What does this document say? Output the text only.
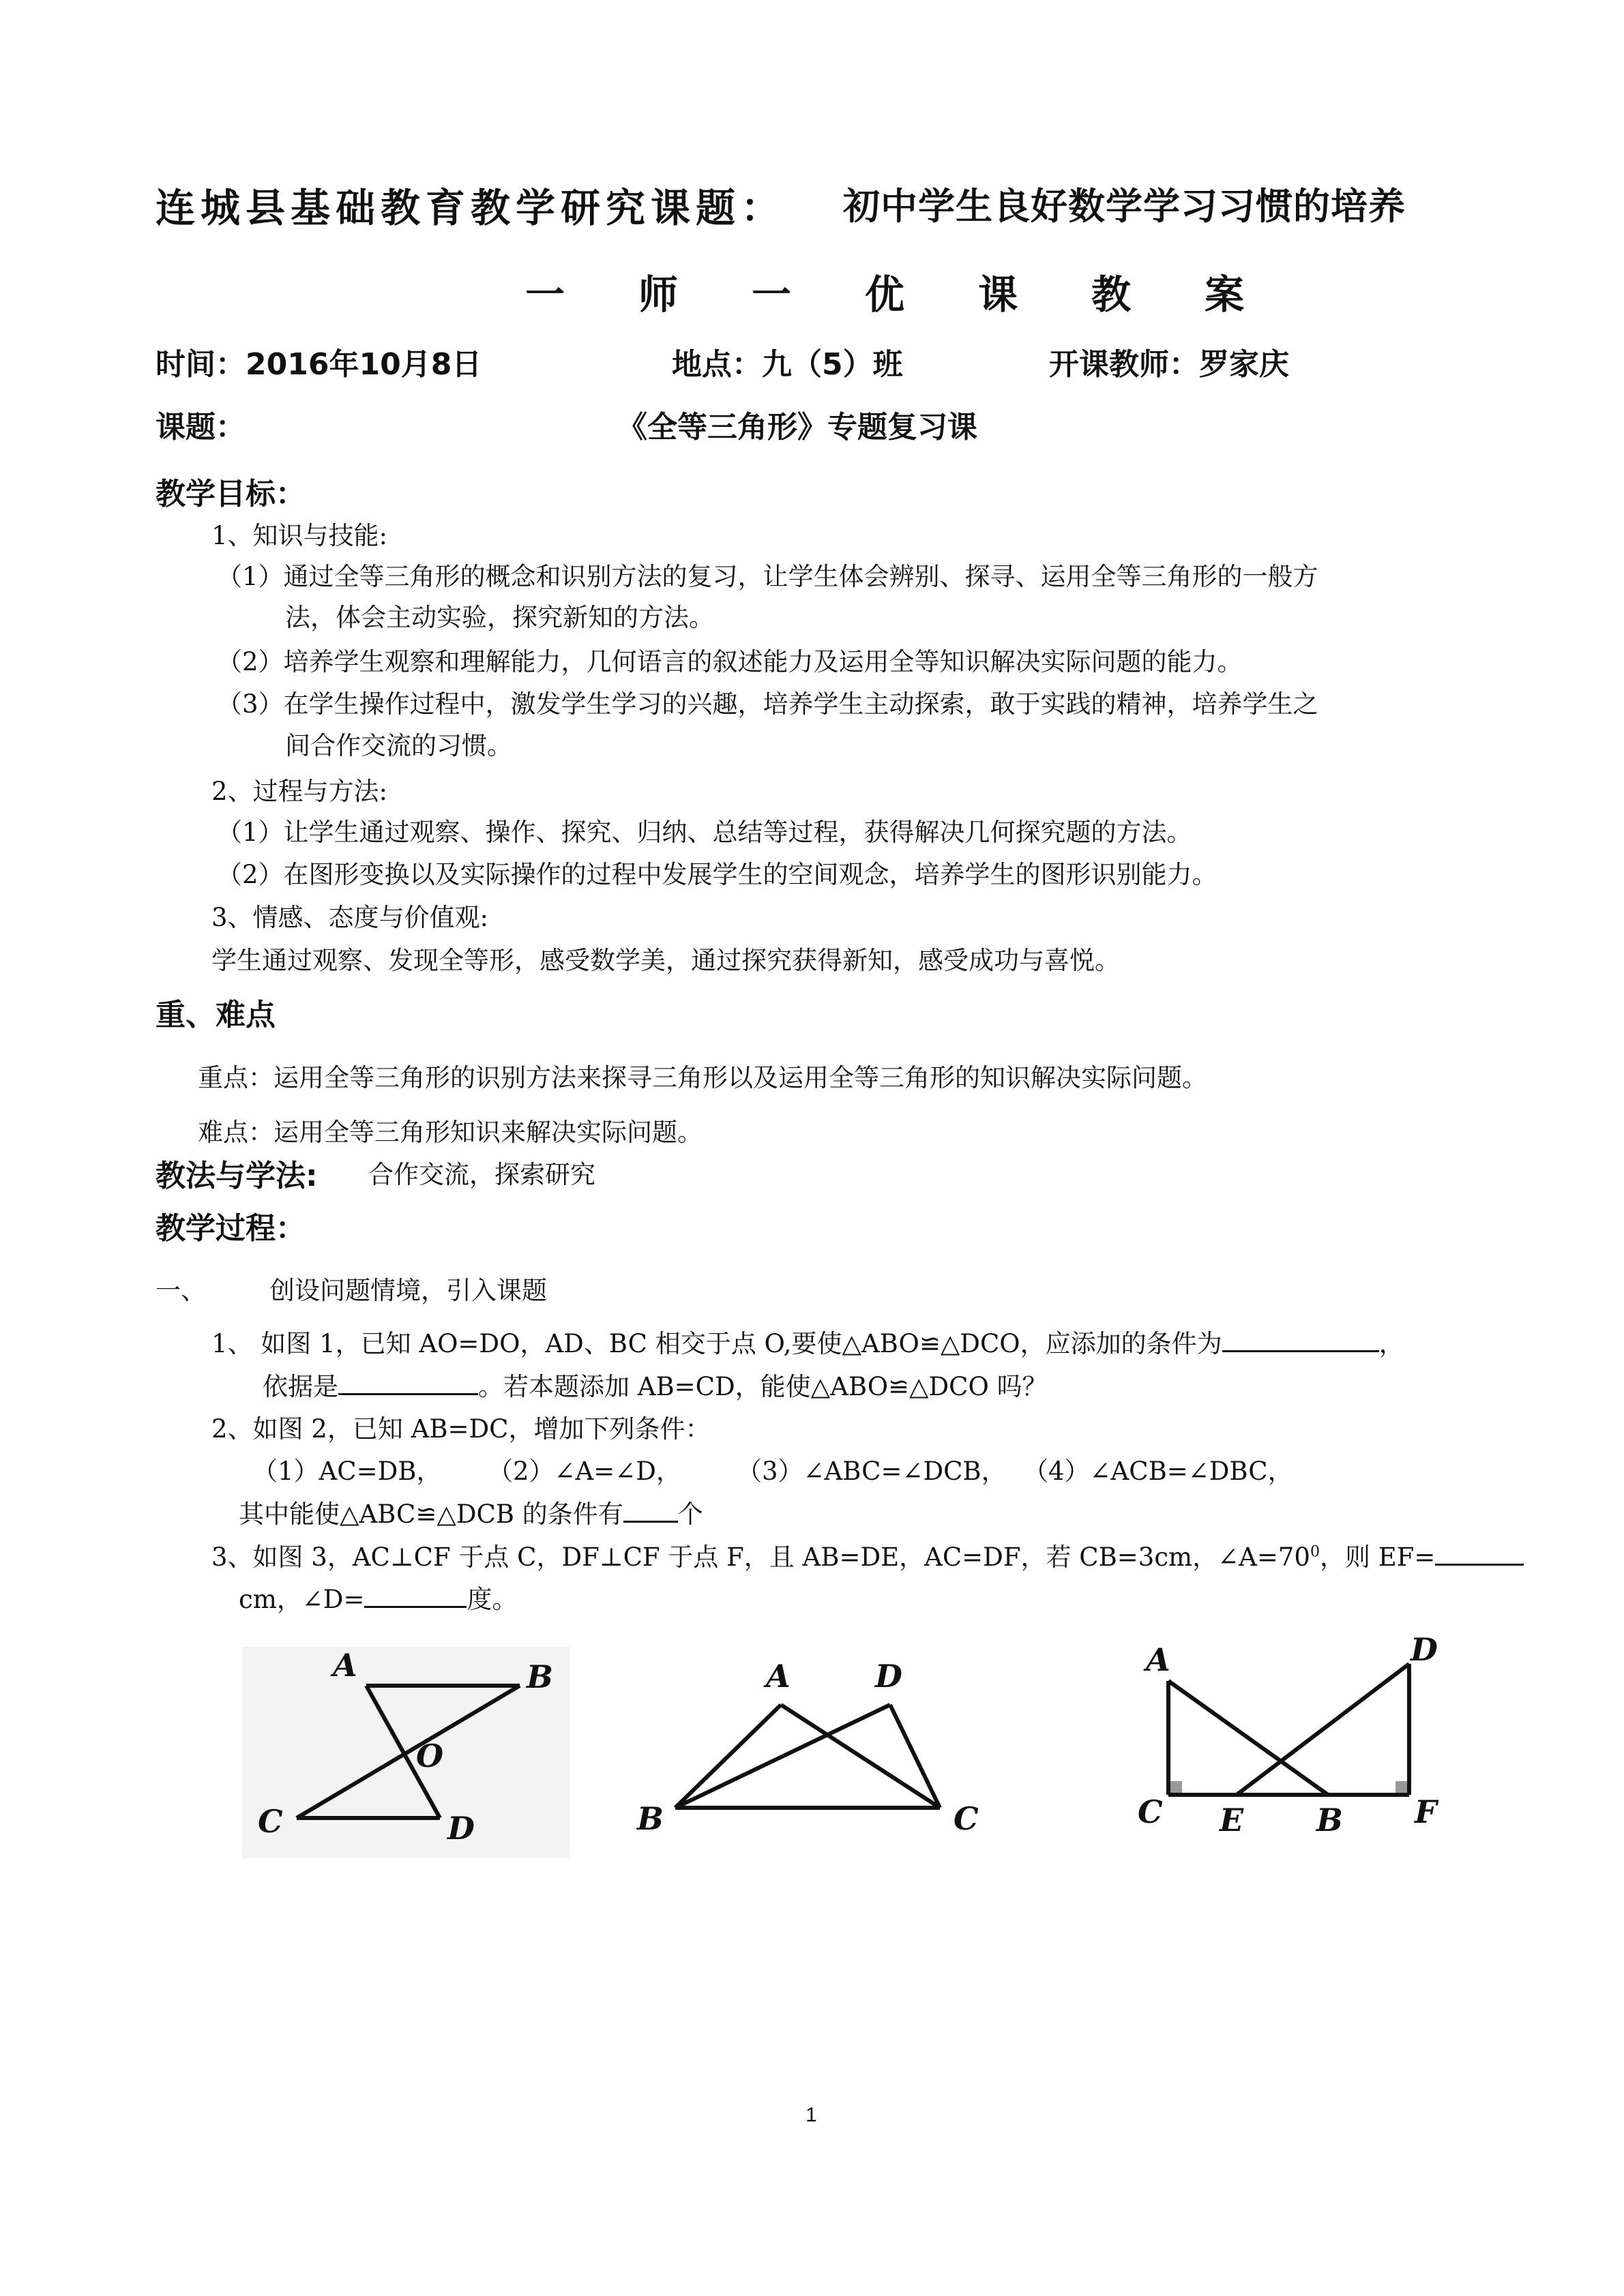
连城县基础教育教学研究课题： 初中学生良好数学学习习惯的培养
一 师 一 优 课 教 案
时间：2016年10月8日	地点：九（5）班	开课教师：罗家庆
课题：	《全等三角形》专题复习课
教学目标：
1、知识与技能:
（1）通过全等三角形的概念和识别方法的复习，让学生体会辨别、探寻、运用全等三角形的一般方
法，体会主动实验，探究新知的方法。
（2）培养学生观察和理解能力，几何语言的叙述能力及运用全等知识解决实际问题的能力。
（3）在学生操作过程中，激发学生学习的兴趣，培养学生主动探索，敢于实践的精神，培养学生之
间合作交流的习惯。
2、过程与方法:
（1）让学生通过观察、操作、探究、归纳、总结等过程，获得解决几何探究题的方法。
（2）在图形变换以及实际操作的过程中发展学生的空间观念，培养学生的图形识别能力。
3、情感、态度与价值观:
学生通过观察、发现全等形，感受数学美，通过探究获得新知，感受成功与喜悦。
重、难点
重点：运用全等三角形的识别方法来探寻三角形以及运用全等三角形的知识解决实际问题。
难点：运用全等三角形知识来解决实际问题。
教法与学法: 合作交流，探索研究
教学过程：
一、	创设问题情境，引入课题
1、 如图 1，已知 AO=DO，AD、BC 相交于点 O,要使△ABO≌△DCO，应添加的条件为	，
依据是	。若本题添加 AB=CD，能使△ABO≌△DCO 吗？
2、如图 2，已知 AB=DC，增加下列条件：
（1）AC=DB， （2）∠A=∠D， （3）∠ABC=∠DCB， （4）∠ACB=∠DBC，
其中能使△ABC≌△DCB 的条件有 个
3、如图 3，AC⊥CF 于点 C，DF⊥CF 于点 F，且 AB=DE，AC=DF，若 CB=3cm，$\angle A=70^0$，则 EF=
cm，∠D=	度。
A	B
O
C	D
A	D
B	C
A	D
C E B F
1
